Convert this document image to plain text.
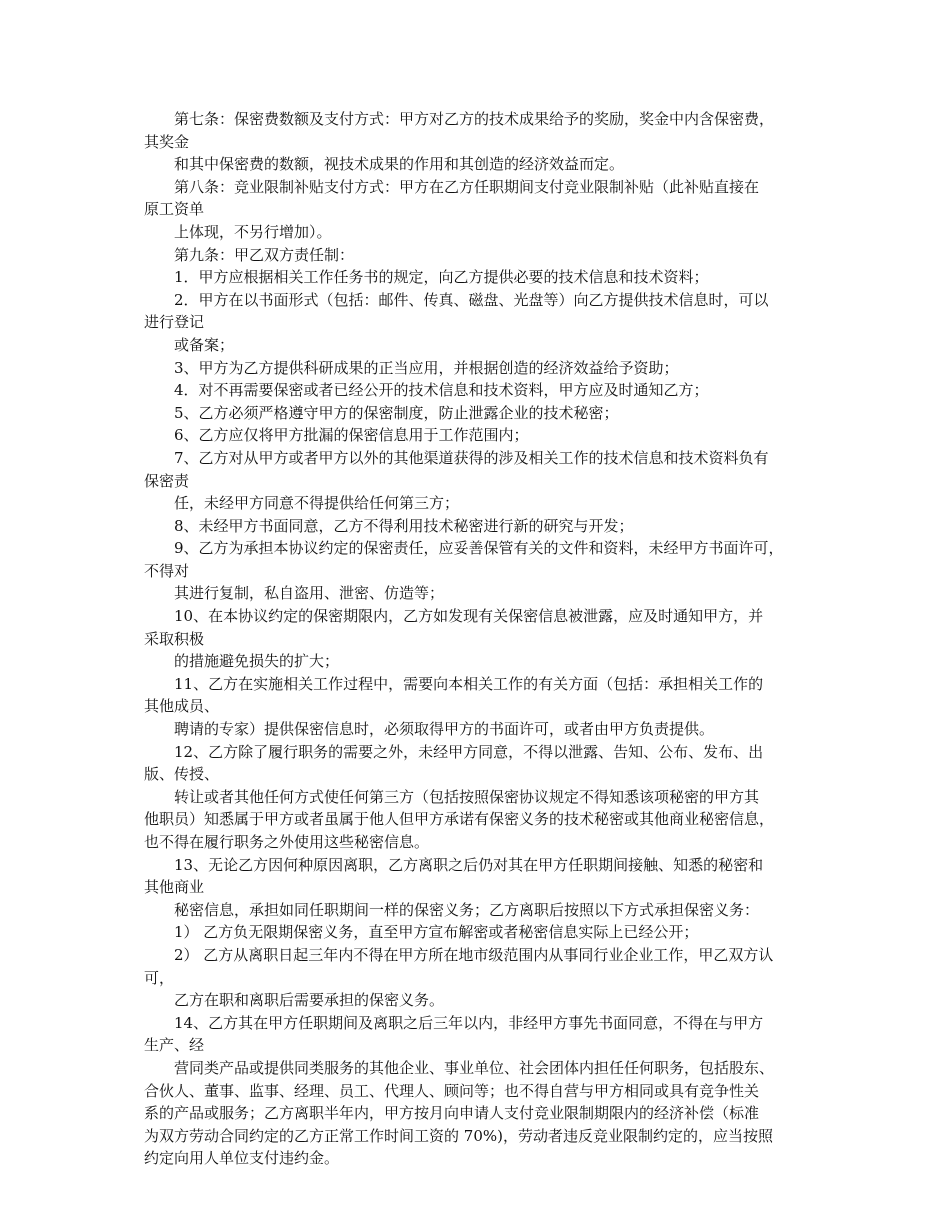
第七条：保密费数额及支付方式：甲方对乙方的技术成果给予的奖励，奖金中内含保密费，

其奖金

和其中保密费的数额，视技术成果的作用和其创造的经济效益而定。

第八条：竞业限制补贴支付方式：甲方在乙方任职期间支付竞业限制补贴（此补贴直接在

原工资单

上体现，不另行增加）。

第九条：甲乙双方责任制：

1．甲方应根据相关工作任务书的规定，向乙方提供必要的技术信息和技术资料；

2．甲方在以书面形式（包括：邮件、传真、磁盘、光盘等）向乙方提供技术信息时，可以

进行登记

或备案；

3、甲方为乙方提供科研成果的正当应用，并根据创造的经济效益给予资助；

4．对不再需要保密或者已经公开的技术信息和技术资料，甲方应及时通知乙方；

5、乙方必须严格遵守甲方的保密制度，防止泄露企业的技术秘密；

6、乙方应仅将甲方批漏的保密信息用于工作范围内；

7、乙方对从甲方或者甲方以外的其他渠道获得的涉及相关工作的技术信息和技术资料负有

保密责

任，未经甲方同意不得提供给任何第三方；

8、未经甲方书面同意，乙方不得利用技术秘密进行新的研究与开发；

9、乙方为承担本协议约定的保密责任，应妥善保管有关的文件和资料，未经甲方书面许可，

不得对

其进行复制，私自盗用、泄密、仿造等；

10、在本协议约定的保密期限内，乙方如发现有关保密信息被泄露，应及时通知甲方，并

采取积极

的措施避免损失的扩大；

11、乙方在实施相关工作过程中，需要向本相关工作的有关方面（包括：承担相关工作的

其他成员、

聘请的专家）提供保密信息时，必须取得甲方的书面许可，或者由甲方负责提供。

12、乙方除了履行职务的需要之外，未经甲方同意，不得以泄露、告知、公布、发布、出

版、传授、

转让或者其他任何方式使任何第三方（包括按照保密协议规定不得知悉该项秘密的甲方其

他职员）知悉属于甲方或者虽属于他人但甲方承诺有保密义务的技术秘密或其他商业秘密信息，

也不得在履行职务之外使用这些秘密信息。

13、无论乙方因何种原因离职，乙方离职之后仍对其在甲方任职期间接触、知悉的秘密和

其他商业

秘密信息，承担如同任职期间一样的保密义务；乙方离职后按照以下方式承担保密义务：

1） 乙方负无限期保密义务，直至甲方宣布解密或者秘密信息实际上已经公开；

2） 乙方从离职日起三年内不得在甲方所在地市级范围内从事同行业企业工作，甲乙双方认

可，

乙方在职和离职后需要承担的保密义务。

14、乙方其在甲方任职期间及离职之后三年以内，非经甲方事先书面同意，不得在与甲方

生产、经

营同类产品或提供同类服务的其他企业、事业单位、社会团体内担任任何职务，包括股东、

合伙人、董事、监事、经理、员工、代理人、顾问等；也不得自营与甲方相同或具有竞争性关

系的产品或服务；乙方离职半年内，甲方按月向申请人支付竞业限制期限内的经济补偿（标准

为双方劳动合同约定的乙方正常工作时间工资的 70%)，劳动者违反竞业限制约定的，应当按照

约定向用人单位支付违约金。
